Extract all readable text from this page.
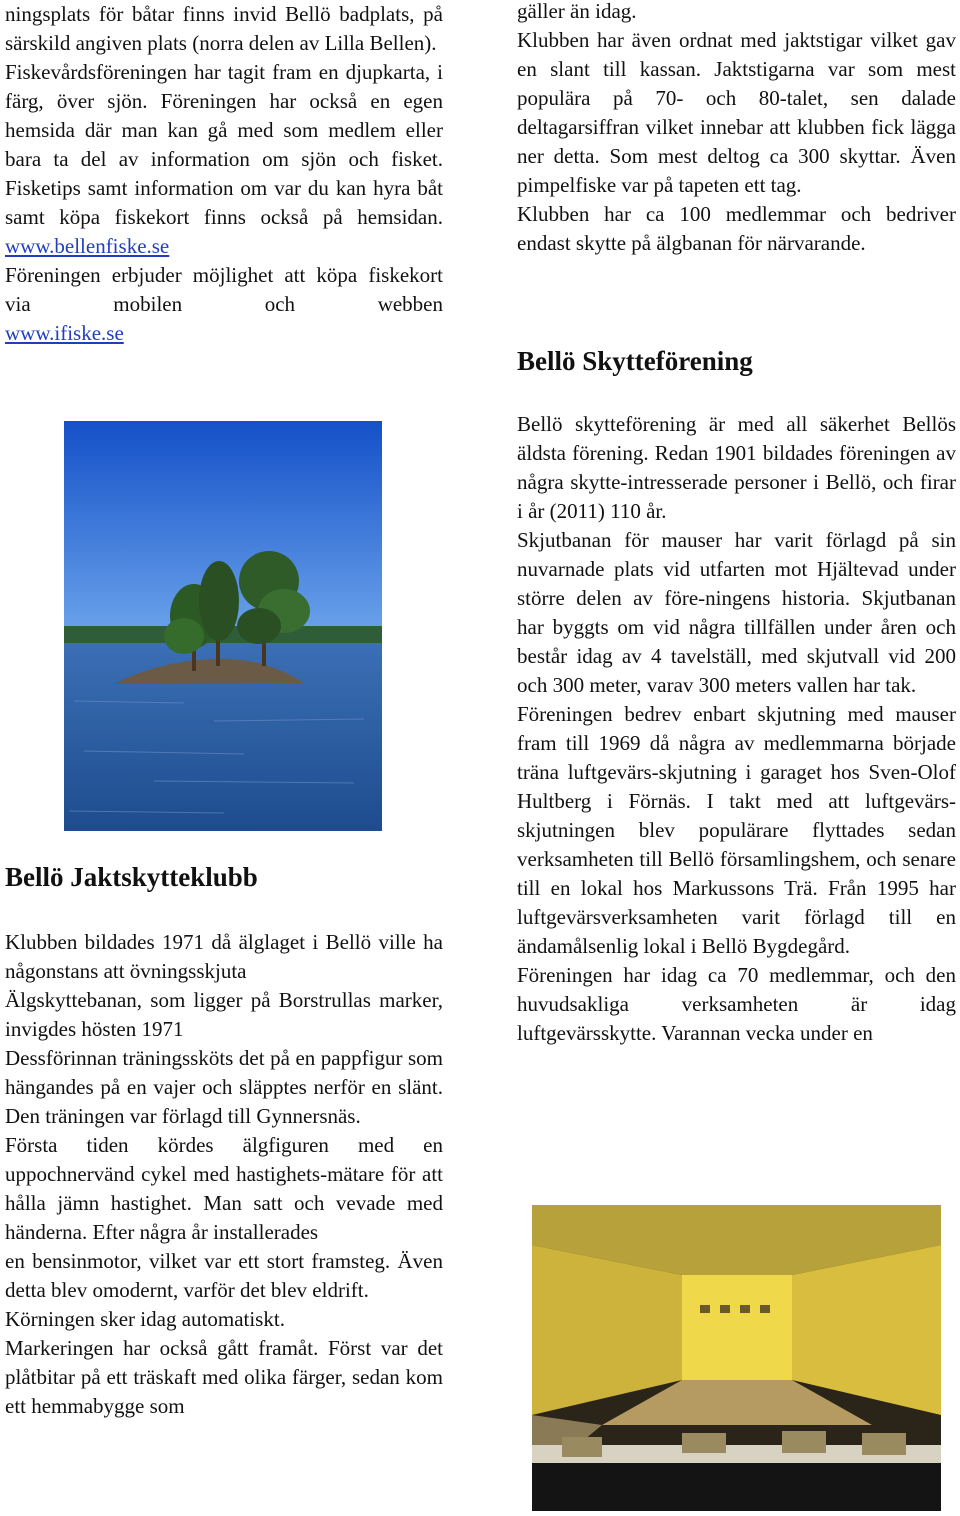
ningsplats för båtar finns invid Bellö badplats, på särskild angiven plats (norra delen av Lilla Bellen).

Fiskevårdsföreningen har tagit fram en djupkarta, i färg, över sjön. Föreningen har också en egen hemsida där man kan gå med som medlem eller bara ta del av information om sjön och fisket. Fisketips samt information om var du kan hyra båt samt köpa fiskekort finns också på hemsidan. www.bellenfiske.se

Föreningen erbjuder möjlighet att köpa fiskekort via mobilen och webben

www.ifiske.se

Bellö Jaktskytteklubb

Klubben bildades 1971 då älglaget i Bellö ville ha någonstans att övningsskjuta

Älgskyttebanan, som ligger på Borstrullas marker, invigdes hösten 1971

Dessförinnan träningssköts det på en pappfigur som hängandes på en vajer och släpptes nerför en slänt. Den träningen var förlagd till Gynnersnäs.

Första tiden kördes älgfiguren med en uppochnervänd cykel med hastighets-mätare för att hålla jämn hastighet. Man satt och vevade med händerna. Efter några år installerades

en bensinmotor, vilket var ett stort framsteg. Även detta blev omodernt, varför det blev eldrift.

Körningen sker idag automatiskt.

Markeringen har också gått framåt. Först var det plåtbitar på ett träskaft med olika färger, sedan kom ett hemmabygge som

gäller än idag.

Klubben har även ordnat med jaktstigar vilket gav en slant till kassan. Jaktstigarna var som mest populära på 70- och 80-talet, sen dalade deltagarsiffran vilket innebar att klubben fick lägga ner detta. Som mest deltog ca 300 skyttar. Även pimpelfiske var på tapeten ett tag.

Klubben har ca 100 medlemmar och bedriver endast skytte på älgbanan för närvarande.

Bellö Skytteförening

Bellö skytteförening är med all säkerhet Bellös äldsta förening. Redan 1901 bildades föreningen av några skytte-intresserade personer i Bellö, och firar i år (2011) 110 år.

Skjutbanan för mauser har varit förlagd på sin nuvarnade plats vid utfarten mot Hjältevad under större delen av före-ningens historia. Skjutbanan har byggts om vid några tillfällen under åren och består idag av 4 tavelställ, med skjutvall vid 200 och 300 meter, varav 300 meters vallen har tak.

Föreningen bedrev enbart skjutning med mauser fram till 1969 då några av medlemmarna började träna luftgevärs-skjutning i garaget hos Sven-Olof Hultberg i Förnäs. I takt med att luftgevärs-skjutningen blev populärare flyttades sedan verksamheten till Bellö församlingshem, och senare till en lokal hos Markussons Trä. Från 1995 har luftgevärsverksamheten varit förlagd till en ändamålsenlig lokal i Bellö Bygdegård.

Föreningen har idag ca 70 medlemmar, och den huvudsakliga verksamheten är idag luftgevärsskytte. Varannan vecka under en
